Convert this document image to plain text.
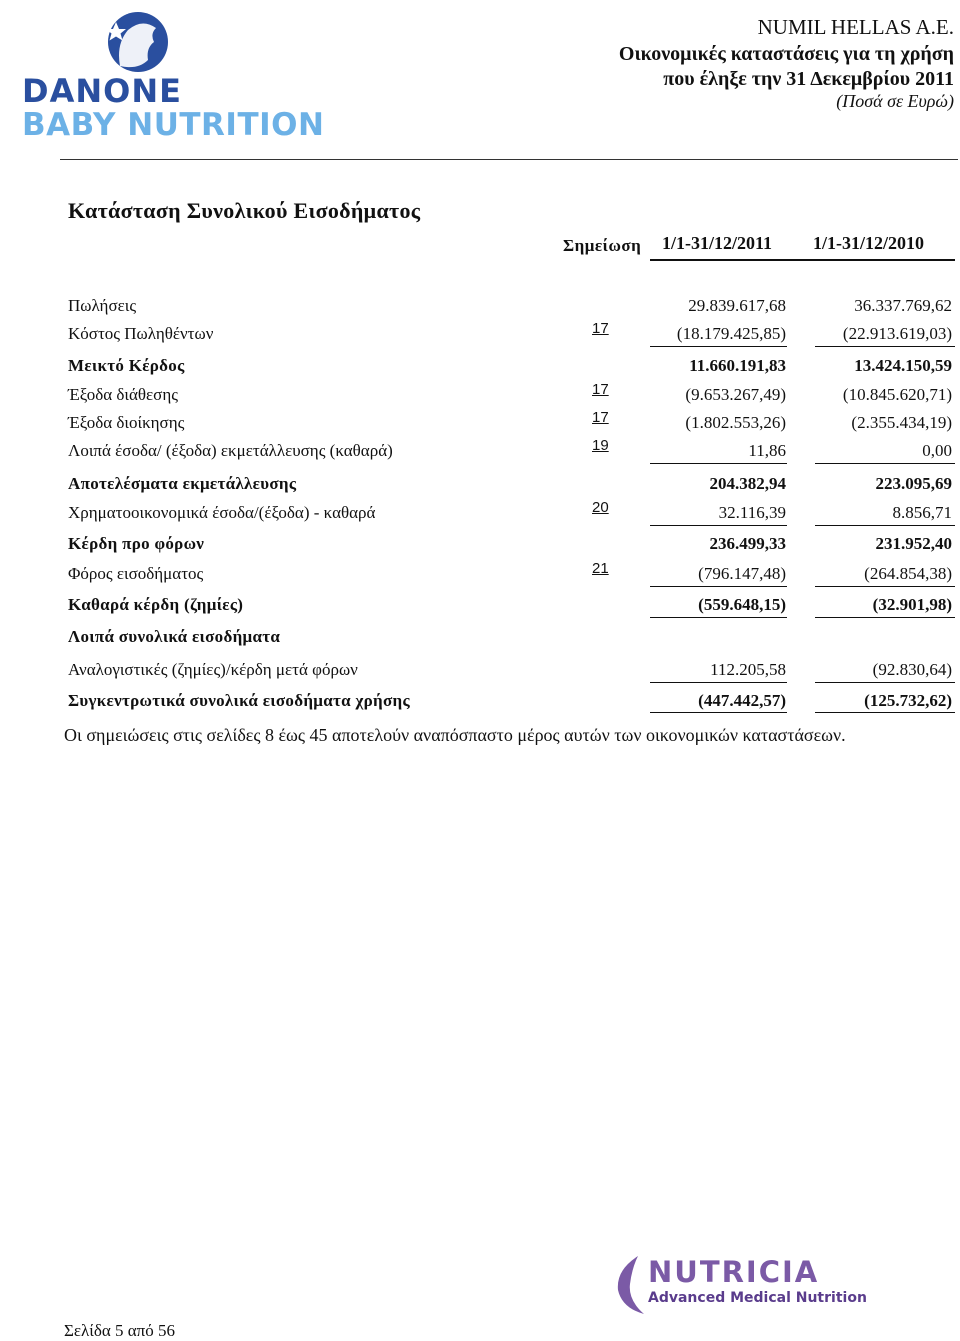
DANONE
BABY NUTRITION
NUMIL HELLAS A.E.
Οικονομικές καταστάσεις για τη χρήση
που έληξε την 31 Δεκεμβρίου 2011
(Ποσά σε Ευρώ)
Κατάσταση Συνολικού Εισοδήματος
Σημείωση 1/1-31/12/2011 1/1-31/12/2010
Πωλήσεις	29.839.617,68	36.337.769,62
Κόστος Πωληθέντων	17	(18.179.425,85)	(22.913.619,03)
Μεικτό Κέρδος	11.660.191,83	13.424.150,59
Έξοδα διάθεσης	17	(9.653.267,49)	(10.845.620,71)
Έξοδα διοίκησης	17	(1.802.553,26)	(2.355.434,19)
Λοιπά έσοδα/ (έξοδα) εκμετάλλευσης (καθαρά)	19	11,86	0,00
Αποτελέσματα εκμετάλλευσης	204.382,94	223.095,69
Χρηματοοικονομικά έσοδα/(έξοδα) - καθαρά	20	32.116,39	8.856,71
Κέρδη προ φόρων	236.499,33	231.952,40
Φόρος εισοδήματος	21	(796.147,48)	(264.854,38)
Καθαρά κέρδη (ζημίες)	(559.648,15)	(32.901,98)
Λοιπά συνολικά εισοδήματα
Αναλογιστικές (ζημίες)/κέρδη μετά φόρων	112.205,58	(92.830,64)
Συγκεντρωτικά συνολικά εισοδήματα χρήσης	(447.442,57)	(125.732,62)
Οι σημειώσεις στις σελίδες 8 έως 45 αποτελούν αναπόσπαστο μέρος αυτών των οικονομικών καταστάσεων.
NUTRICIA
Advanced Medical Nutrition
Σελίδα 5 από 56
